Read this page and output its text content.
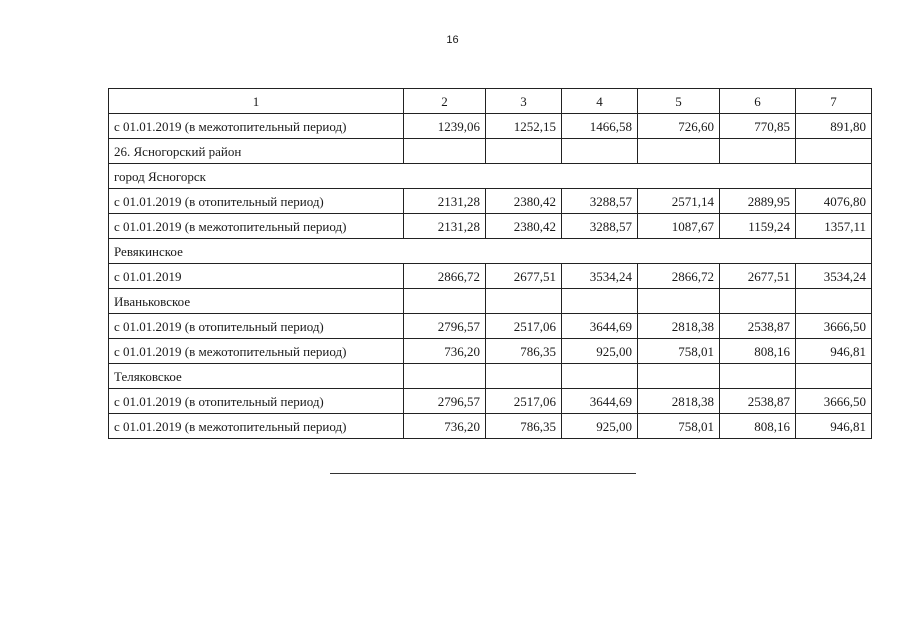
16
1	2	3	4	5	6	7
с 01.01.2019 (в межотопительный период)	1239,06	1252,15	1466,58	726,60	770,85	891,80
26. Ясногорский район						
город Ясногорск						
с 01.01.2019 (в отопительный период)	2131,28	2380,42	3288,57	2571,14	2889,95	4076,80
с 01.01.2019 (в межотопительный период)	2131,28	2380,42	3288,57	1087,67	1159,24	1357,11
Ревякинское						
с 01.01.2019	2866,72	2677,51	3534,24	2866,72	2677,51	3534,24
Иваньковское						
с 01.01.2019 (в отопительный период)	2796,57	2517,06	3644,69	2818,38	2538,87	3666,50
с 01.01.2019 (в межотопительный период)	736,20	786,35	925,00	758,01	808,16	946,81
Теляковское						
с 01.01.2019 (в отопительный период)	2796,57	2517,06	3644,69	2818,38	2538,87	3666,50
с 01.01.2019 (в межотопительный период)	736,20	786,35	925,00	758,01	808,16	946,81
